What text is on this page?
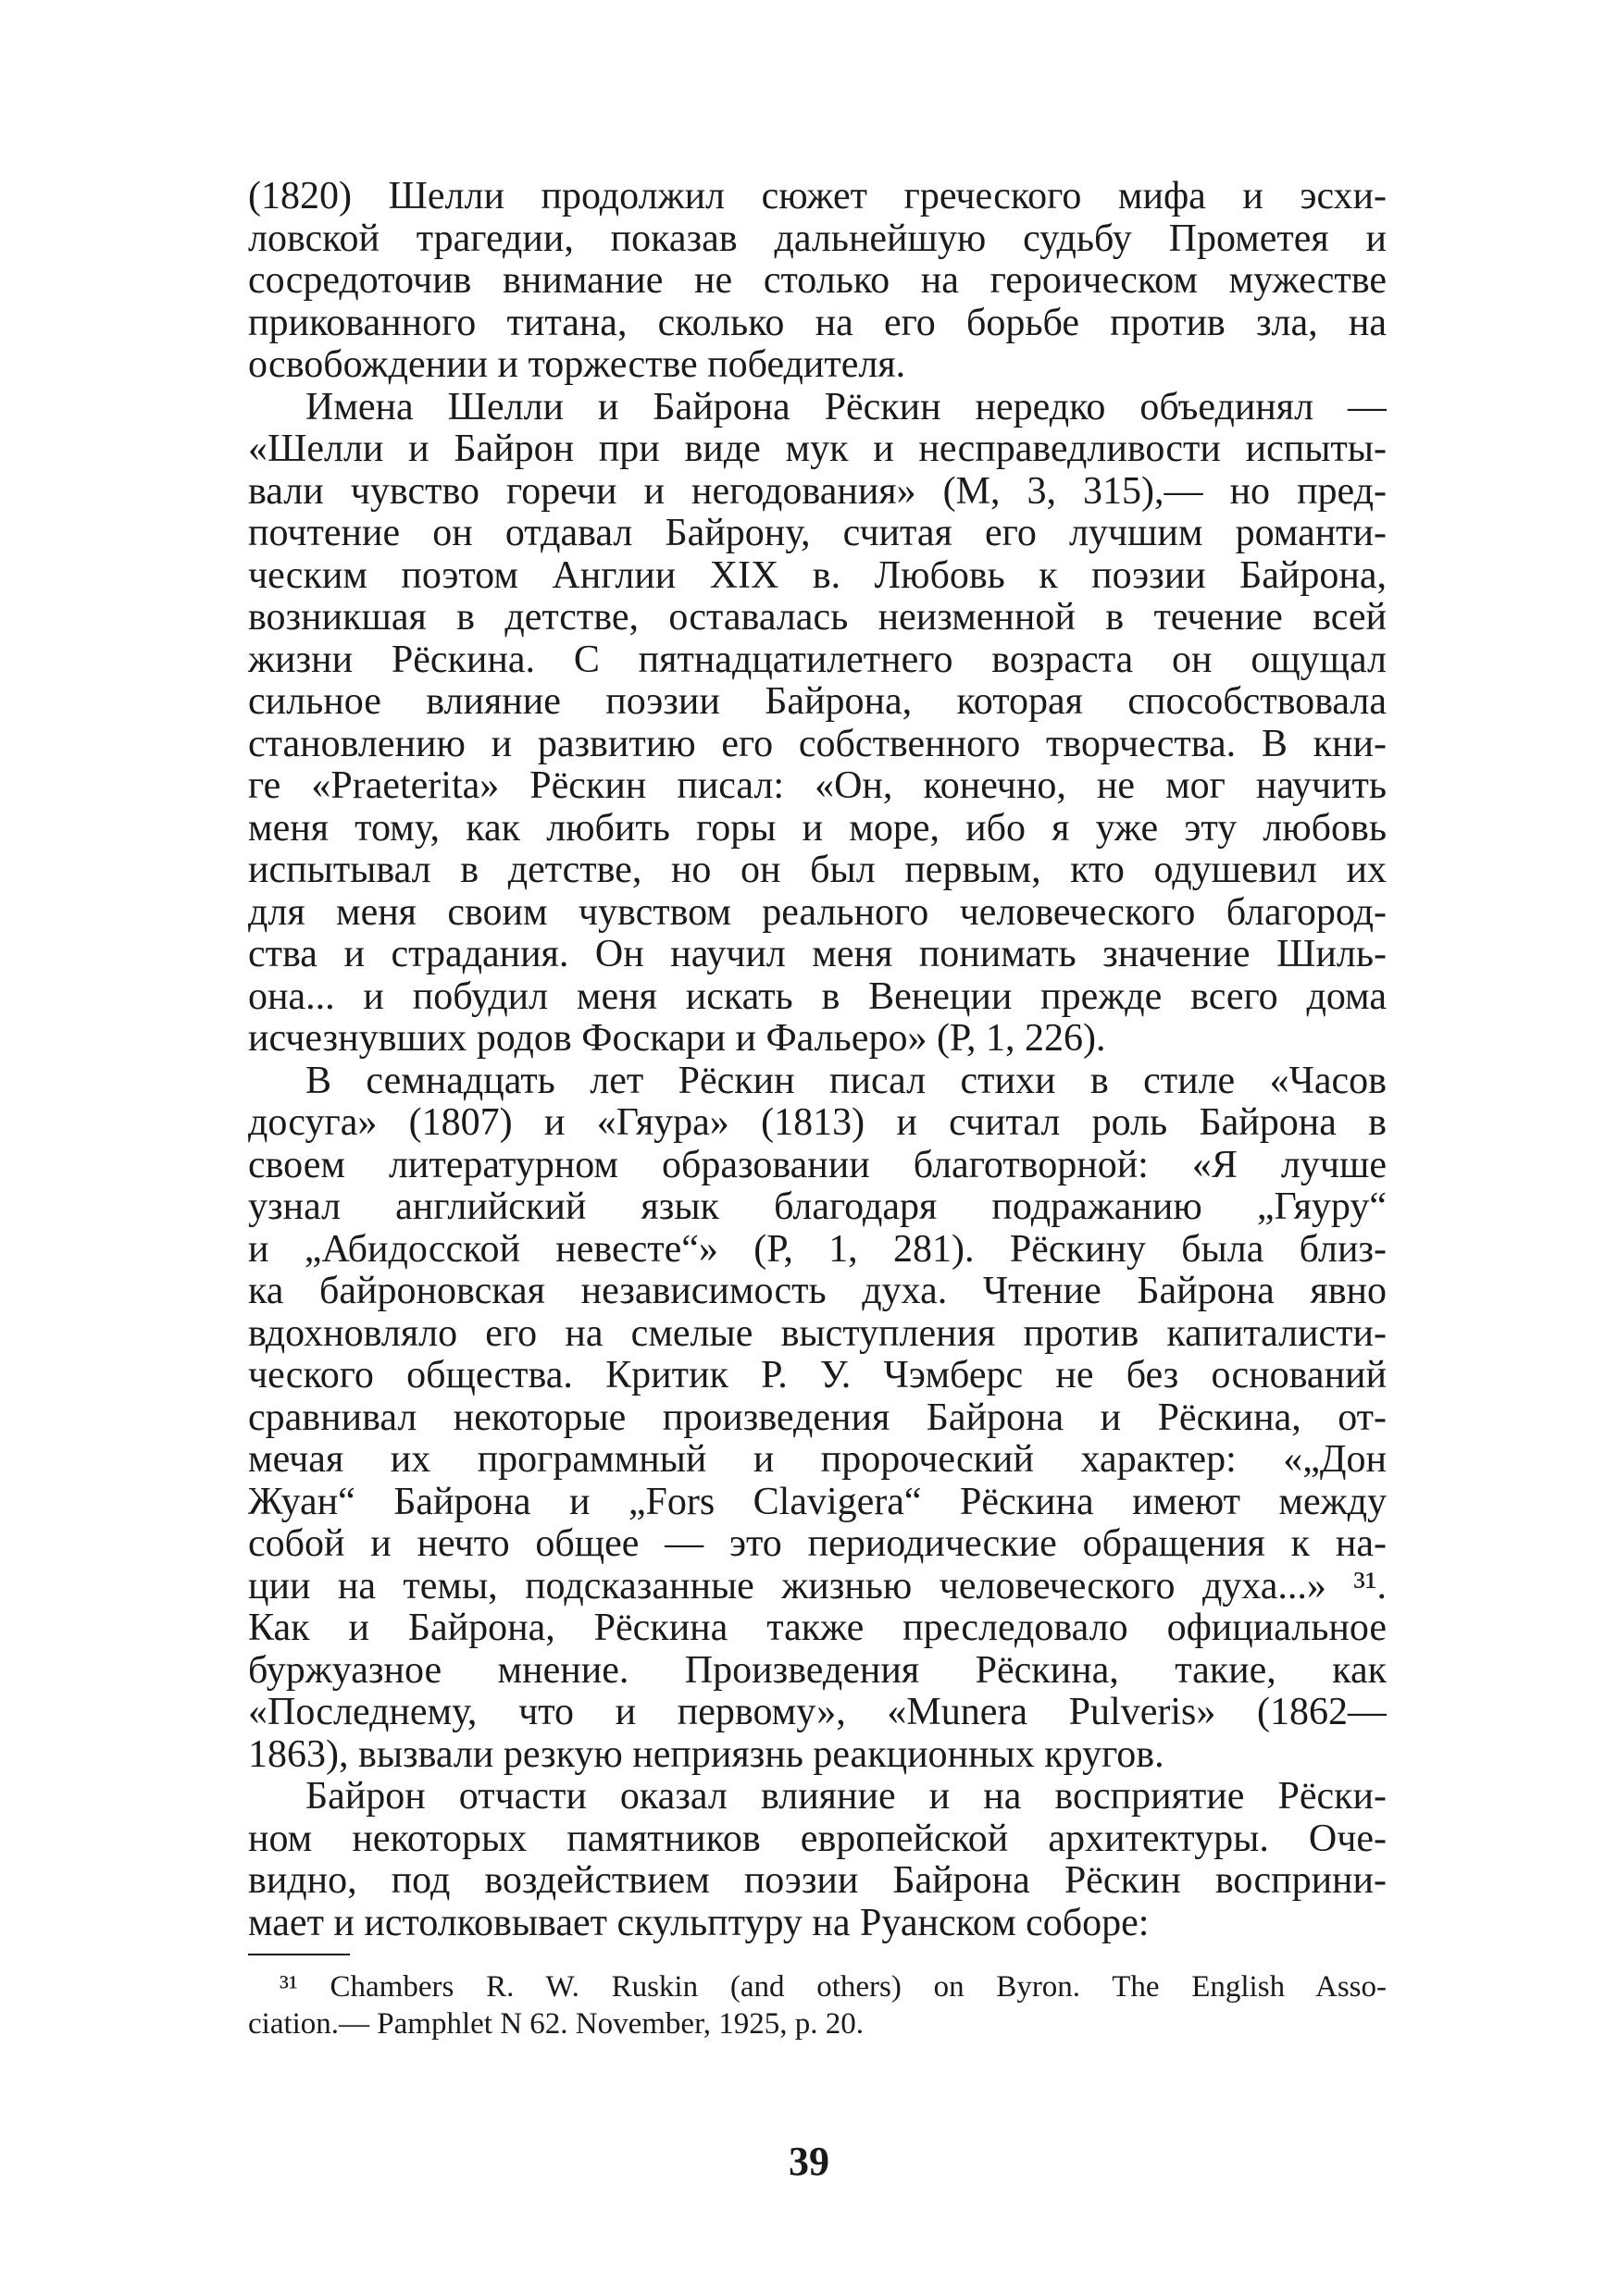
(1820) Шелли продолжил сюжет греческого мифа и эсхи-
ловской трагедии, показав дальнейшую судьбу Прометея и
сосредоточив внимание не столько на героическом мужестве
прикованного титана, сколько на его борьбе против зла, на
освобождении и торжестве победителя.
Имена Шелли и Байрона Рёскин нередко объединял —
«Шелли и Байрон при виде мук и несправедливости испыты-
вали чувство горечи и негодования» (М, 3, 315),— но пред-
почтение он отдавал Байрону, считая его лучшим романти-
ческим поэтом Англии XIX в. Любовь к поэзии Байрона,
возникшая в детстве, оставалась неизменной в течение всей
жизни Рёскина. С пятнадцатилетнего возраста он ощущал
сильное влияние поэзии Байрона, которая способствовала
становлению и развитию его собственного творчества. В кни-
ге «Praeterita» Рёскин писал: «Он, конечно, не мог научить
меня тому, как любить горы и море, ибо я уже эту любовь
испытывал в детстве, но он был первым, кто одушевил их
для меня своим чувством реального человеческого благород-
ства и страдания. Он научил меня понимать значение Шиль-
она... и побудил меня искать в Венеции прежде всего дома
исчезнувших родов Фоскари и Фальеро» (Р, 1, 226).
В семнадцать лет Рёскин писал стихи в стиле «Часов
досуга» (1807) и «Гяура» (1813) и считал роль Байрона в
своем литературном образовании благотворной: «Я лучше
узнал английский язык благодаря подражанию „Гяуру“
и „Абидосской невесте“» (Р, 1, 281). Рёскину была близ-
ка байроновская независимость духа. Чтение Байрона явно
вдохновляло его на смелые выступления против капиталисти-
ческого общества. Критик Р. У. Чэмберс не без оснований
сравнивал некоторые произведения Байрона и Рёскина, от-
мечая их программный и пророческий характер: «„Дон
Жуан“ Байрона и „Fors Clavigera“ Рёскина имеют между
собой и нечто общее — это периодические обращения к на-
ции на темы, подсказанные жизнью человеческого духа...» ³¹.
Как и Байрона, Рёскина также преследовало официальное
буржуазное мнение. Произведения Рёскина, такие, как
«Последнему, что и первому», «Munera Pulveris» (1862—
1863), вызвали резкую неприязнь реакционных кругов.
Байрон отчасти оказал влияние и на восприятие Рёски-
ном некоторых памятников европейской архитектуры. Оче-
видно, под воздействием поэзии Байрона Рёскин восприни-
мает и истолковывает скульптуру на Руанском соборе:
³¹ Chambers R. W. Ruskin (and others) on Byron. The English Asso-
ciation.— Pamphlet N 62. November, 1925, p. 20.
39
